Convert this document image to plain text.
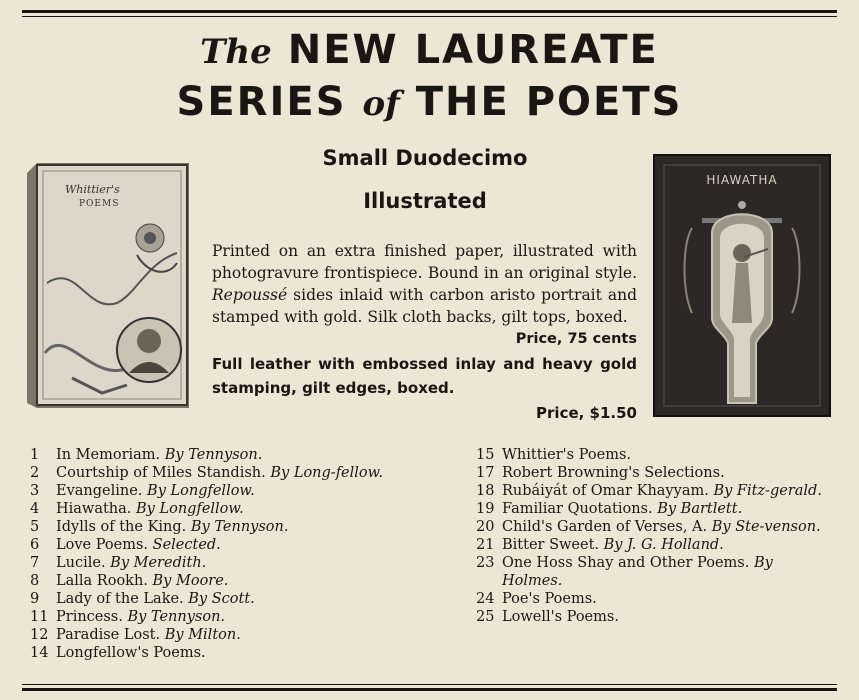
The NEW LAUREATE
SERIES of THE POETS
Small Duodecimo
Illustrated
Printed on an extra finished paper, illustrated with photogravure frontispiece. Bound in an original style. Repoussé sides inlaid with carbon aristo portrait and stamped with gold. Silk cloth backs, gilt tops, boxed.
Price, 75 cents
Full leather with embossed inlay and heavy gold stamping, gilt edges, boxed.
Price, $1.50
Whittier's
POEMS
HIAWATHA
1	In Memoriam. By Tennyson.
2	Courtship of Miles Standish. By Long-fellow.
3	Evangeline. By Longfellow.
4	Hiawatha. By Longfellow.
5	Idylls of the King. By Tennyson.
6	Love Poems. Selected.
7	Lucile. By Meredith.
8	Lalla Rookh. By Moore.
9	Lady of the Lake. By Scott.
11 Princess. By Tennyson.
12 Paradise Lost. By Milton.
14 Longfellow's Poems.
15 Whittier's Poems.
17 Robert Browning's Selections.
18 Rubáiyát of Omar Khayyam. By Fitz-gerald.
19 Familiar Quotations. By Bartlett.
20 Child's Garden of Verses, A. By Ste-venson.
21 Bitter Sweet. By J. G. Holland.
23 One Hoss Shay and Other Poems. By Holmes.
24 Poe's Poems.
25 Lowell's Poems.
